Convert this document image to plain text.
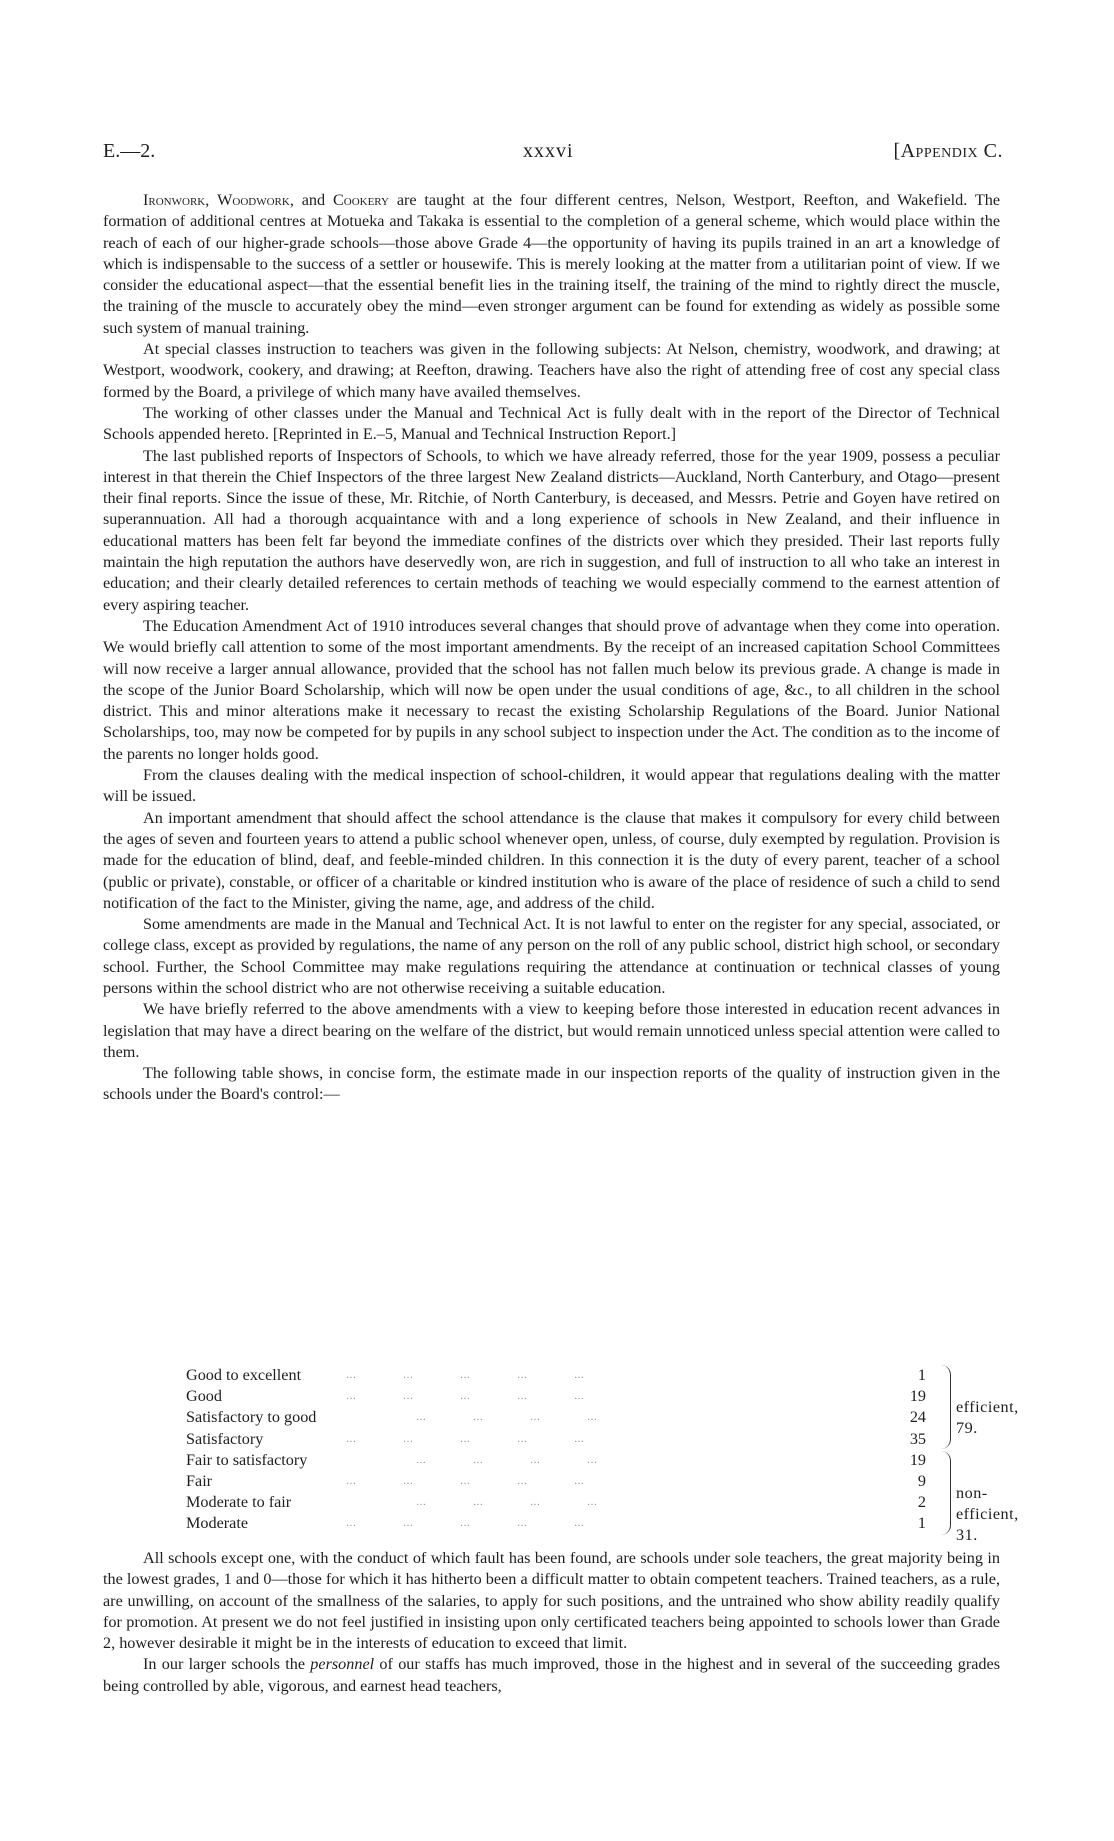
E.—2.	xxxvi	[Appendix C.

Ironwork, Woodwork, and Cookery are taught at the four different centres, Nelson, Westport, Reefton, and Wakefield. The formation of additional centres at Motueka and Takaka is essential to the completion of a general scheme, which would place within the reach of each of our higher-grade schools—those above Grade 4—the opportunity of having its pupils trained in an art a knowledge of which is indispensable to the success of a settler or housewife. This is merely looking at the matter from a utilitarian point of view. If we consider the educational aspect—that the essential benefit lies in the training itself, the training of the mind to rightly direct the muscle, the training of the muscle to accurately obey the mind—even stronger argument can be found for extending as widely as possible some such system of manual training.

At special classes instruction to teachers was given in the following subjects: At Nelson, chemistry, woodwork, and drawing; at Westport, woodwork, cookery, and drawing; at Reefton, drawing. Teachers have also the right of attending free of cost any special class formed by the Board, a privilege of which many have availed themselves.

The working of other classes under the Manual and Technical Act is fully dealt with in the report of the Director of Technical Schools appended hereto. [Reprinted in E.–5, Manual and Technical Instruction Report.]

The last published reports of Inspectors of Schools, to which we have already referred, those for the year 1909, possess a peculiar interest in that therein the Chief Inspectors of the three largest New Zealand districts—Auckland, North Canterbury, and Otago—present their final reports. Since the issue of these, Mr. Ritchie, of North Canterbury, is deceased, and Messrs. Petrie and Goyen have retired on superannuation. All had a thorough acquaintance with and a long experience of schools in New Zealand, and their influence in educational matters has been felt far beyond the immediate confines of the districts over which they presided. Their last reports fully maintain the high reputation the authors have deservedly won, are rich in suggestion, and full of instruction to all who take an interest in education; and their clearly detailed references to certain methods of teaching we would especially commend to the earnest attention of every aspiring teacher.

The Education Amendment Act of 1910 introduces several changes that should prove of advantage when they come into operation. We would briefly call attention to some of the most important amendments. By the receipt of an increased capitation School Committees will now receive a larger annual allowance, provided that the school has not fallen much below its previous grade. A change is made in the scope of the Junior Board Scholarship, which will now be open under the usual conditions of age, &c., to all children in the school district. This and minor alterations make it necessary to recast the existing Scholarship Regulations of the Board. Junior National Scholarships, too, may now be competed for by pupils in any school subject to inspection under the Act. The condition as to the income of the parents no longer holds good.

From the clauses dealing with the medical inspection of school-children, it would appear that regulations dealing with the matter will be issued.

An important amendment that should affect the school attendance is the clause that makes it compulsory for every child between the ages of seven and fourteen years to attend a public school whenever open, unless, of course, duly exempted by regulation. Provision is made for the education of blind, deaf, and feeble-minded children. In this connection it is the duty of every parent, teacher of a school (public or private), constable, or officer of a charitable or kindred institution who is aware of the place of residence of such a child to send notification of the fact to the Minister, giving the name, age, and address of the child.

Some amendments are made in the Manual and Technical Act. It is not lawful to enter on the register for any special, associated, or college class, except as provided by regulations, the name of any person on the roll of any public school, district high school, or secondary school. Further, the School Committee may make regulations requiring the attendance at continuation or technical classes of young persons within the school district who are not otherwise receiving a suitable education.

We have briefly referred to the above amendments with a view to keeping before those interested in education recent advances in legislation that may have a direct bearing on the welfare of the district, but would remain unnoticed unless special attention were called to them.

The following table shows, in concise form, the estimate made in our inspection reports of the quality of instruction given in the schools under the Board's control:—

Good to excellent	…          …          …          …          …	1
Good	…          …          …          …          …	19
Satisfactory to good	…          …          …          …	24
Satisfactory	…          …          …          …          …	35
Fair to satisfactory	…          …          …          …	19
Fair	…          …          …          …          …	9
Moderate to fair	…          …          …          …	2
Moderate	…          …          …          …          …	1
efficient, 79.
non-efficient, 31.

All schools except one, with the conduct of which fault has been found, are schools under sole teachers, the great majority being in the lowest grades, 1 and 0—those for which it has hitherto been a difficult matter to obtain competent teachers. Trained teachers, as a rule, are unwilling, on account of the smallness of the salaries, to apply for such positions, and the untrained who show ability readily qualify for promotion. At present we do not feel justified in insisting upon only certificated teachers being appointed to schools lower than Grade 2, however desirable it might be in the interests of education to exceed that limit.

In our larger schools the personnel of our staffs has much improved, those in the highest and in several of the succeeding grades being controlled by able, vigorous, and earnest head teachers,
